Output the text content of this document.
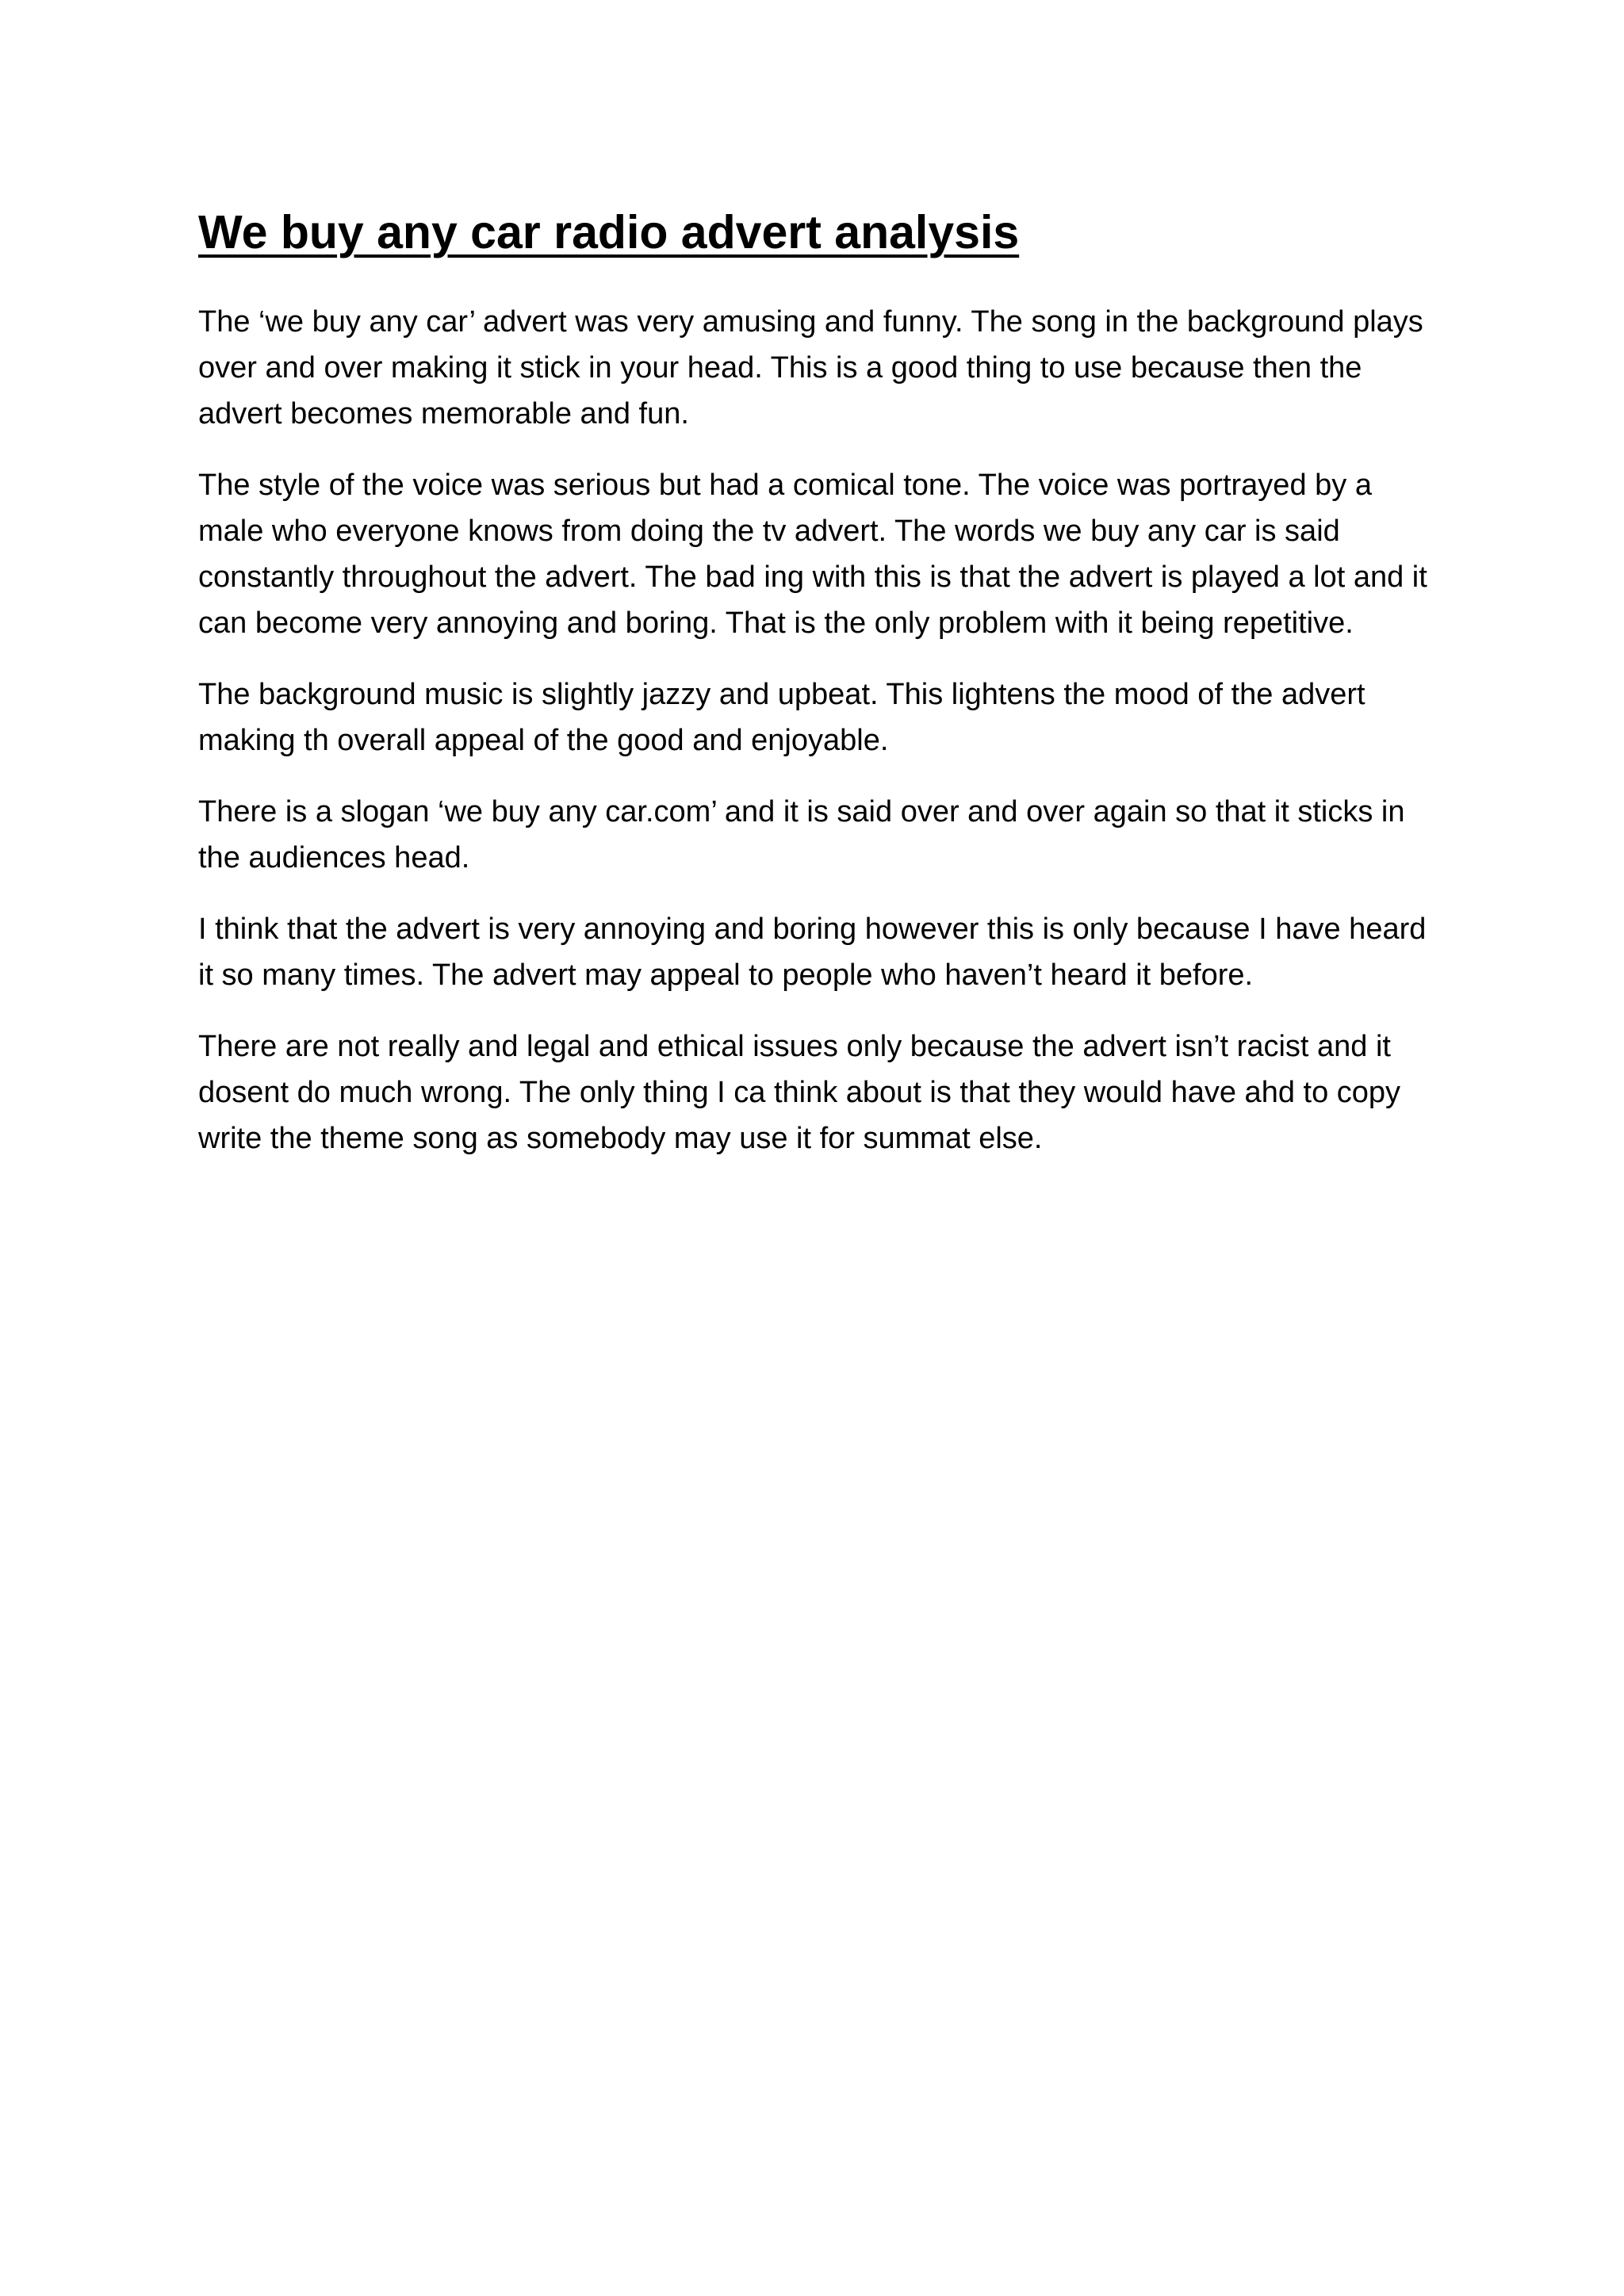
We buy any car radio advert analysis

The ‘we buy any car’ advert was very amusing and funny. The song in the background plays over and over making it stick in your head. This is a good thing to use because then the advert becomes memorable and fun.

The style of the voice was serious but had a comical tone. The voice was portrayed by a male who everyone knows from doing the tv advert. The words we buy any car is said constantly throughout the advert. The bad ing with this is that the advert is played a lot and it can become very annoying and boring. That is the only problem with it being repetitive.

The background music is slightly jazzy and upbeat. This lightens the mood of the advert making th overall appeal of the good and enjoyable.

There is a slogan ‘we buy any car.com’ and it is said over and over again so that it sticks in the audiences head.

I think that the advert is very annoying and boring however this is only because I have heard it so many times. The advert may appeal to people who haven’t heard it before.

There are not really and legal and ethical issues only because the advert isn’t racist and it dosent do much wrong. The only thing I ca think about is that they would have ahd to copy write the theme song as somebody may use it for summat else.
